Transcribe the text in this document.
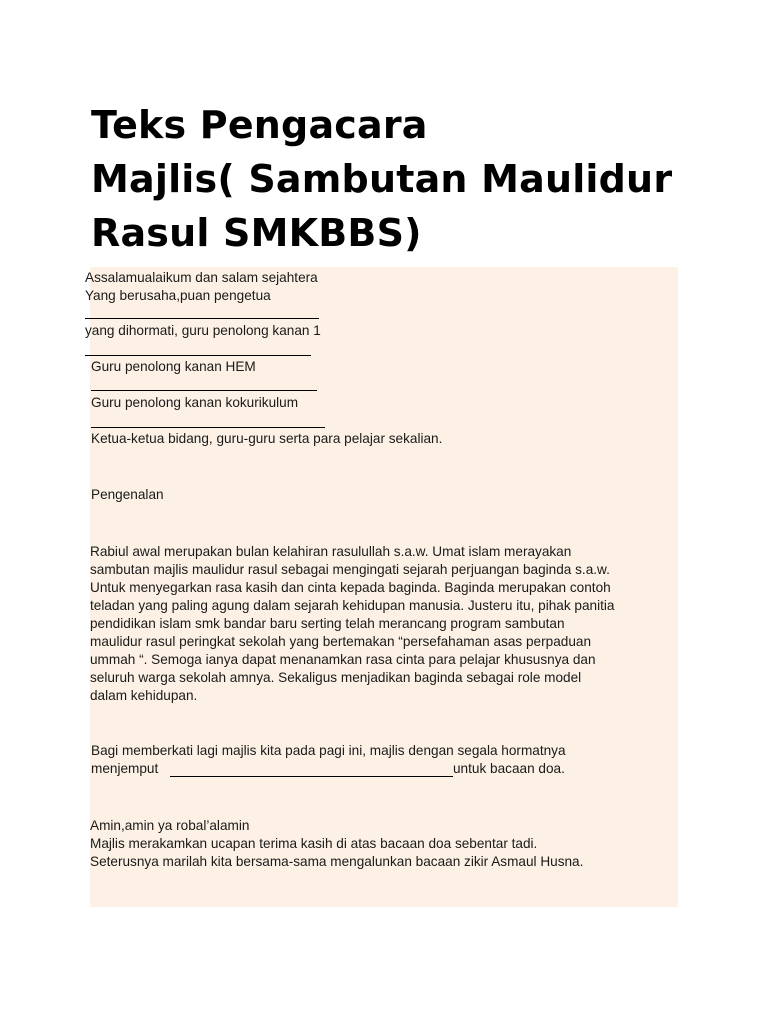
Teks Pengacara
Majlis( Sambutan Maulidur
Rasul SMKBBS)

Assalamualaikum dan salam sejahtera

Yang berusaha,puan pengetua

yang dihormati, guru penolong kanan 1

Guru penolong kanan HEM

Guru penolong kanan kokurikulum

Ketua-ketua bidang, guru-guru serta para pelajar sekalian.

Pengenalan

Rabiul awal merupakan bulan kelahiran rasulullah s.a.w. Umat islam merayakan
sambutan majlis maulidur rasul sebagai mengingati sejarah perjuangan baginda s.a.w.
Untuk menyegarkan rasa kasih dan cinta kepada baginda. Baginda merupakan contoh
teladan yang paling agung dalam sejarah kehidupan manusia. Justeru itu, pihak panitia
pendidikan islam smk bandar baru serting telah merancang program sambutan
maulidur rasul peringkat sekolah yang bertemakan “persefahaman asas perpaduan
ummah “. Semoga ianya dapat menanamkan rasa cinta para pelajar khususnya dan
seluruh warga sekolah amnya. Sekaligus menjadikan baginda sebagai role model
dalam kehidupan.

Bagi memberkati lagi majlis kita pada pagi ini, majlis dengan segala hormatnya

menjemput	untuk bacaan doa.

Amin,amin ya robal’alamin
Majlis merakamkan ucapan terima kasih di atas bacaan doa sebentar tadi.
Seterusnya marilah kita bersama-sama mengalunkan bacaan zikir Asmaul Husna.
